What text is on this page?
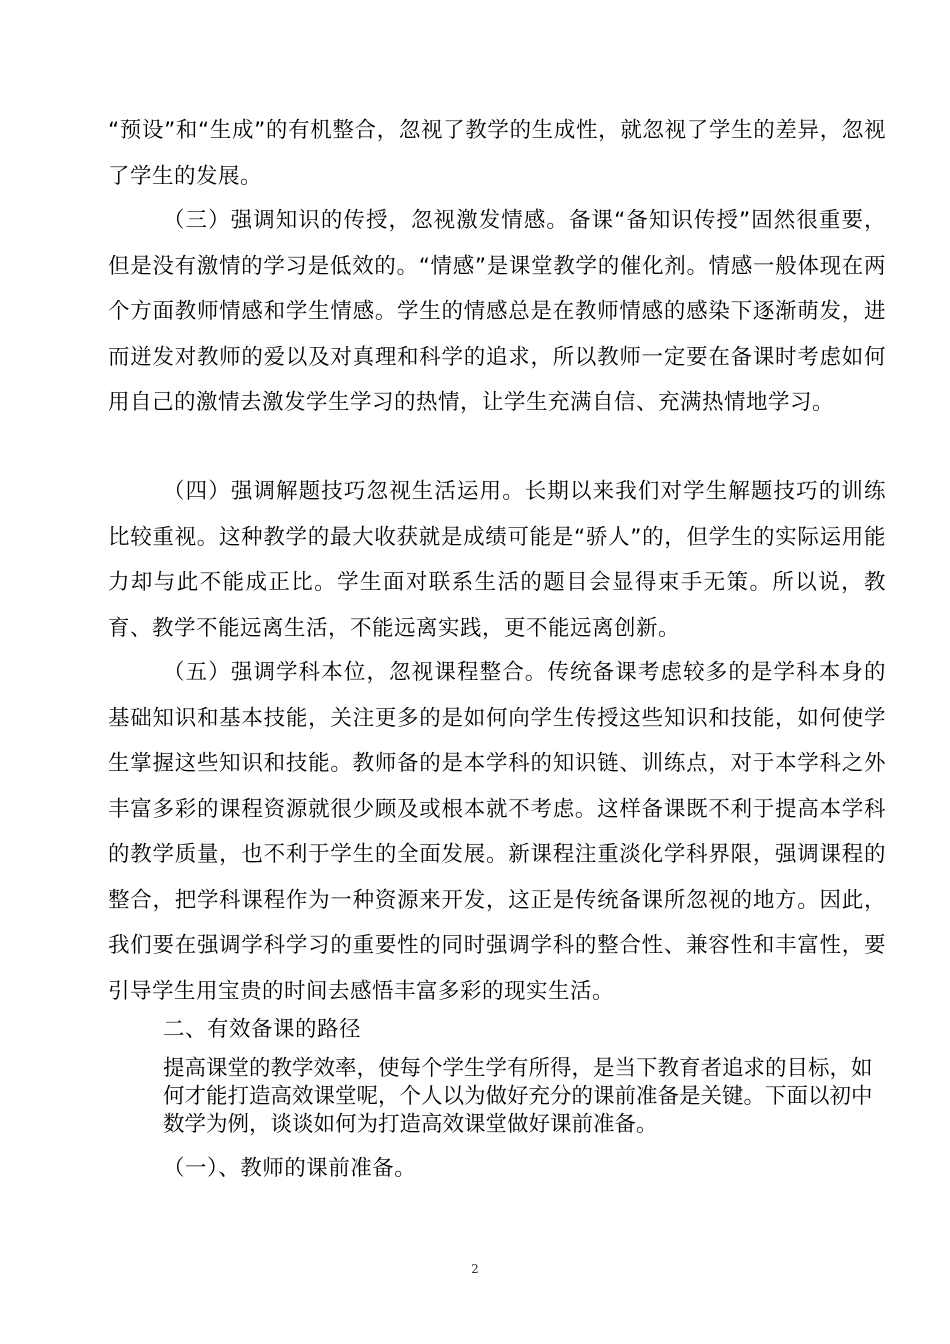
“预设”和“生成”的有机整合，忽视了教学的生成性，就忽视了学生的差异，忽视了学生的发展。

（三）强调知识的传授，忽视激发情感。备课“备知识传授”固然很重要，但是没有激情的学习是低效的。“情感”是课堂教学的催化剂。情感一般体现在两个方面教师情感和学生情感。学生的情感总是在教师情感的感染下逐渐萌发，进而迸发对教师的爱以及对真理和科学的追求，所以教师一定要在备课时考虑如何用自己的激情去激发学生学习的热情，让学生充满自信、充满热情地学习。

（四）强调解题技巧忽视生活运用。长期以来我们对学生解题技巧的训练比较重视。这种教学的最大收获就是成绩可能是“骄人”的，但学生的实际运用能力却与此不能成正比。学生面对联系生活的题目会显得束手无策。所以说，教育、教学不能远离生活，不能远离实践，更不能远离创新。

（五）强调学科本位，忽视课程整合。传统备课考虑较多的是学科本身的基础知识和基本技能，关注更多的是如何向学生传授这些知识和技能，如何使学生掌握这些知识和技能。教师备的是本学科的知识链、训练点，对于本学科之外丰富多彩的课程资源就很少顾及或根本就不考虑。这样备课既不利于提高本学科的教学质量，也不利于学生的全面发展。新课程注重淡化学科界限，强调课程的整合，把学科课程作为一种资源来开发，这正是传统备课所忽视的地方。因此，我们要在强调学科学习的重要性的同时强调学科的整合性、兼容性和丰富性，要引导学生用宝贵的时间去感悟丰富多彩的现实生活。

二、有效备课的路径

提高课堂的教学效率，使每个学生学有所得，是当下教育者追求的目标，如何才能打造高效课堂呢，个人以为做好充分的课前准备是关键。下面以初中数学为例，谈谈如何为打造高效课堂做好课前准备。

（一）、教师的课前准备。

2
